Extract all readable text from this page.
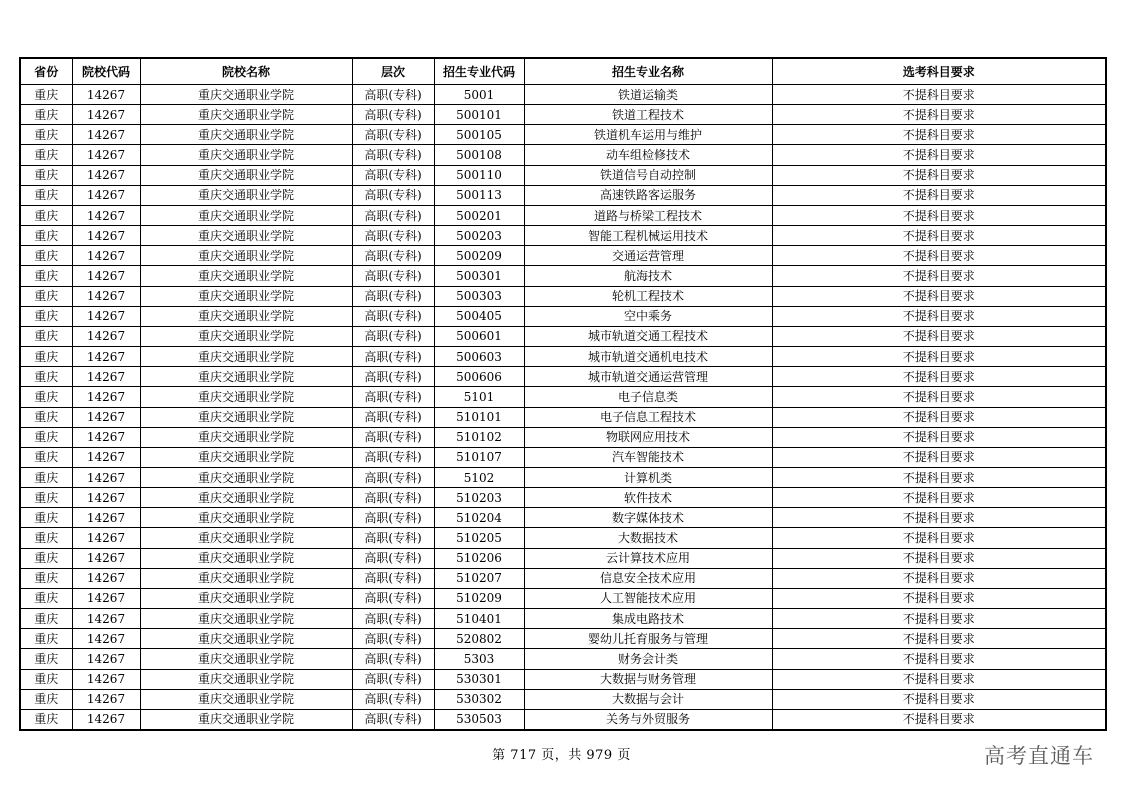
省份	院校代码	院校名称	层次	招生专业代码	招生专业名称	选考科目要求
重庆	14267	重庆交通职业学院	高职(专科)	5001	铁道运输类	不提科目要求
重庆	14267	重庆交通职业学院	高职(专科)	500101	铁道工程技术	不提科目要求
重庆	14267	重庆交通职业学院	高职(专科)	500105	铁道机车运用与维护	不提科目要求
重庆	14267	重庆交通职业学院	高职(专科)	500108	动车组检修技术	不提科目要求
重庆	14267	重庆交通职业学院	高职(专科)	500110	铁道信号自动控制	不提科目要求
重庆	14267	重庆交通职业学院	高职(专科)	500113	高速铁路客运服务	不提科目要求
重庆	14267	重庆交通职业学院	高职(专科)	500201	道路与桥梁工程技术	不提科目要求
重庆	14267	重庆交通职业学院	高职(专科)	500203	智能工程机械运用技术	不提科目要求
重庆	14267	重庆交通职业学院	高职(专科)	500209	交通运营管理	不提科目要求
重庆	14267	重庆交通职业学院	高职(专科)	500301	航海技术	不提科目要求
重庆	14267	重庆交通职业学院	高职(专科)	500303	轮机工程技术	不提科目要求
重庆	14267	重庆交通职业学院	高职(专科)	500405	空中乘务	不提科目要求
重庆	14267	重庆交通职业学院	高职(专科)	500601	城市轨道交通工程技术	不提科目要求
重庆	14267	重庆交通职业学院	高职(专科)	500603	城市轨道交通机电技术	不提科目要求
重庆	14267	重庆交通职业学院	高职(专科)	500606	城市轨道交通运营管理	不提科目要求
重庆	14267	重庆交通职业学院	高职(专科)	5101	电子信息类	不提科目要求
重庆	14267	重庆交通职业学院	高职(专科)	510101	电子信息工程技术	不提科目要求
重庆	14267	重庆交通职业学院	高职(专科)	510102	物联网应用技术	不提科目要求
重庆	14267	重庆交通职业学院	高职(专科)	510107	汽车智能技术	不提科目要求
重庆	14267	重庆交通职业学院	高职(专科)	5102	计算机类	不提科目要求
重庆	14267	重庆交通职业学院	高职(专科)	510203	软件技术	不提科目要求
重庆	14267	重庆交通职业学院	高职(专科)	510204	数字媒体技术	不提科目要求
重庆	14267	重庆交通职业学院	高职(专科)	510205	大数据技术	不提科目要求
重庆	14267	重庆交通职业学院	高职(专科)	510206	云计算技术应用	不提科目要求
重庆	14267	重庆交通职业学院	高职(专科)	510207	信息安全技术应用	不提科目要求
重庆	14267	重庆交通职业学院	高职(专科)	510209	人工智能技术应用	不提科目要求
重庆	14267	重庆交通职业学院	高职(专科)	510401	集成电路技术	不提科目要求
重庆	14267	重庆交通职业学院	高职(专科)	520802	婴幼儿托育服务与管理	不提科目要求
重庆	14267	重庆交通职业学院	高职(专科)	5303	财务会计类	不提科目要求
重庆	14267	重庆交通职业学院	高职(专科)	530301	大数据与财务管理	不提科目要求
重庆	14267	重庆交通职业学院	高职(专科)	530302	大数据与会计	不提科目要求
重庆	14267	重庆交通职业学院	高职(专科)	530503	关务与外贸服务	不提科目要求
第 717 页，共 979 页	高考直通车
